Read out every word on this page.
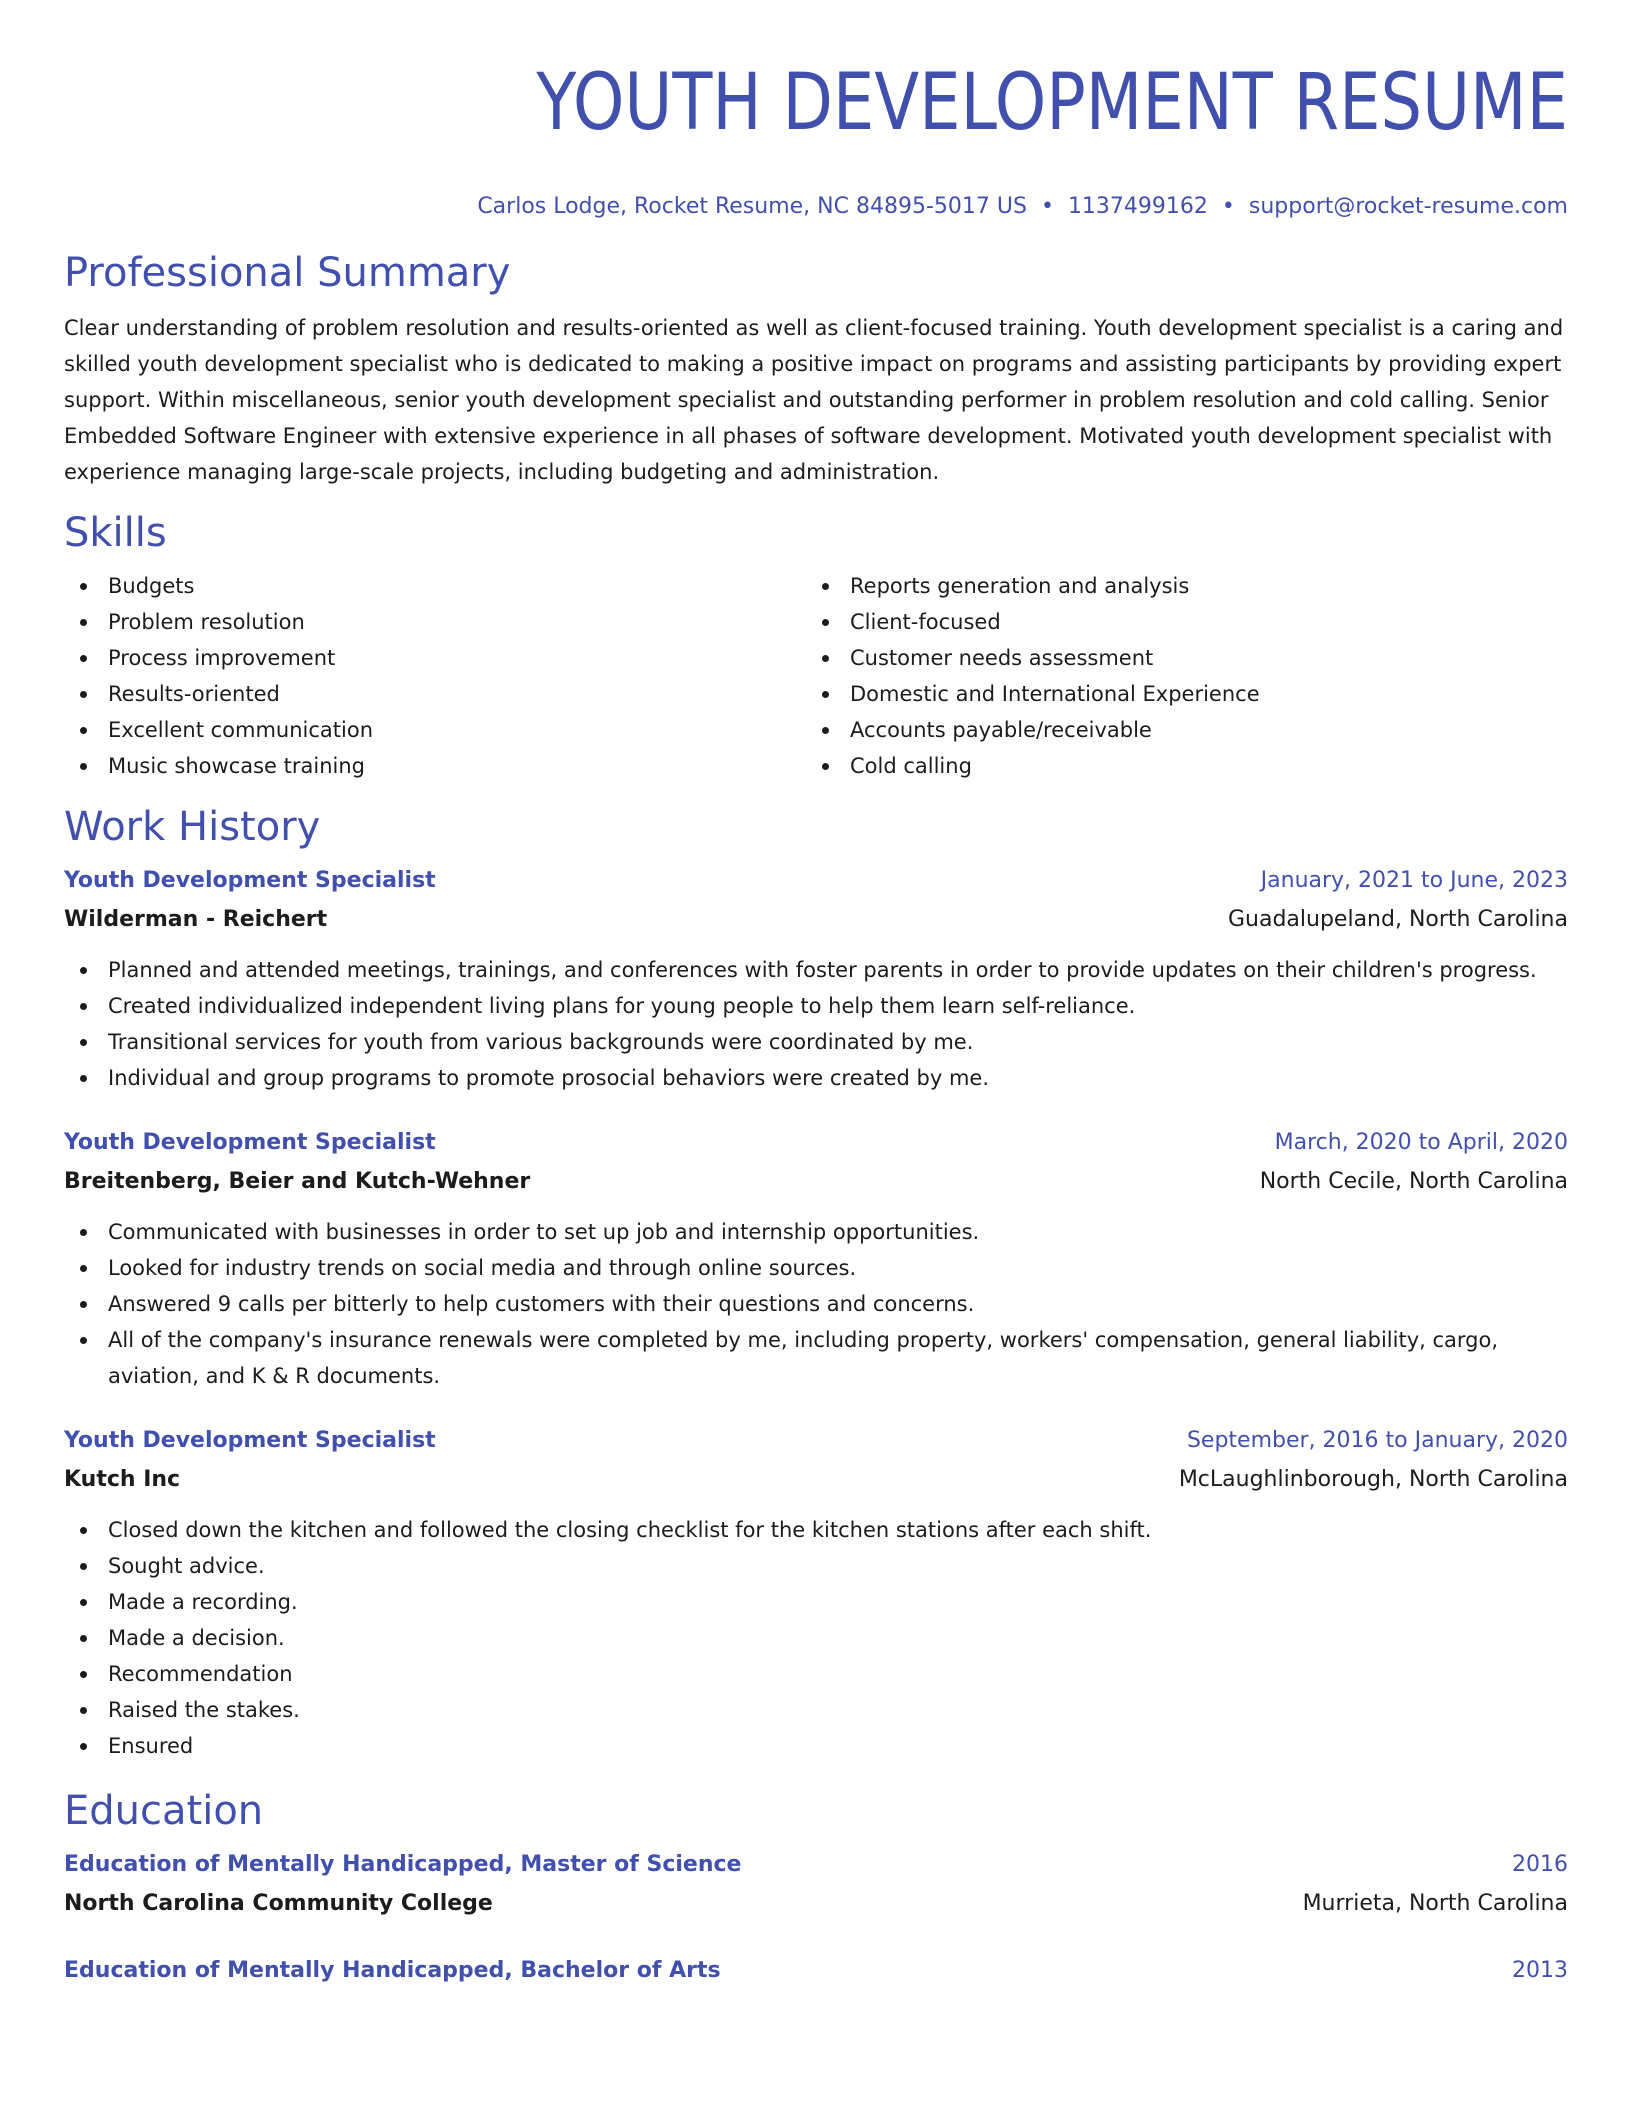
YOUTH DEVELOPMENT RESUME
Carlos Lodge, Rocket Resume, NC 84895-5017 US • 1137499162 • support@rocket-resume.com
Professional Summary

Clear understanding of problem resolution and results-oriented as well as client-focused training. Youth development specialist is a caring and skilled youth development specialist who is dedicated to making a positive impact on programs and assisting participants by providing expert support. Within miscellaneous, senior youth development specialist and outstanding performer in problem resolution and cold calling. Senior Embedded Software Engineer with extensive experience in all phases of software development. Motivated youth development specialist with experience managing large-scale projects, including budgeting and administration.

Skills
Budgets
Problem resolution
Process improvement
Results-oriented
Excellent communication
Music showcase training
Reports generation and analysis
Client-focused
Customer needs assessment
Domestic and International Experience
Accounts payable/receivable
Cold calling
Work History
Youth Development Specialist	January, 2021 to June, 2023
Wilderman - Reichert	Guadalupeland, North Carolina
Planned and attended meetings, trainings, and conferences with foster parents in order to provide updates on their children's progress.
Created individualized independent living plans for young people to help them learn self-reliance.
Transitional services for youth from various backgrounds were coordinated by me.
Individual and group programs to promote prosocial behaviors were created by me.
Youth Development Specialist	March, 2020 to April, 2020
Breitenberg, Beier and Kutch-Wehner	North Cecile, North Carolina
Communicated with businesses in order to set up job and internship opportunities.
Looked for industry trends on social media and through online sources.
Answered 9 calls per bitterly to help customers with their questions and concerns.
All of the company's insurance renewals were completed by me, including property, workers' compensation, general liability, cargo, aviation, and K & R documents.
Youth Development Specialist	September, 2016 to January, 2020
Kutch Inc	McLaughlinborough, North Carolina
Closed down the kitchen and followed the closing checklist for the kitchen stations after each shift.
Sought advice.
Made a recording.
Made a decision.
Recommendation
Raised the stakes.
Ensured
Education
Education of Mentally Handicapped, Master of Science	2016
North Carolina Community College	Murrieta, North Carolina
Education of Mentally Handicapped, Bachelor of Arts	2013
